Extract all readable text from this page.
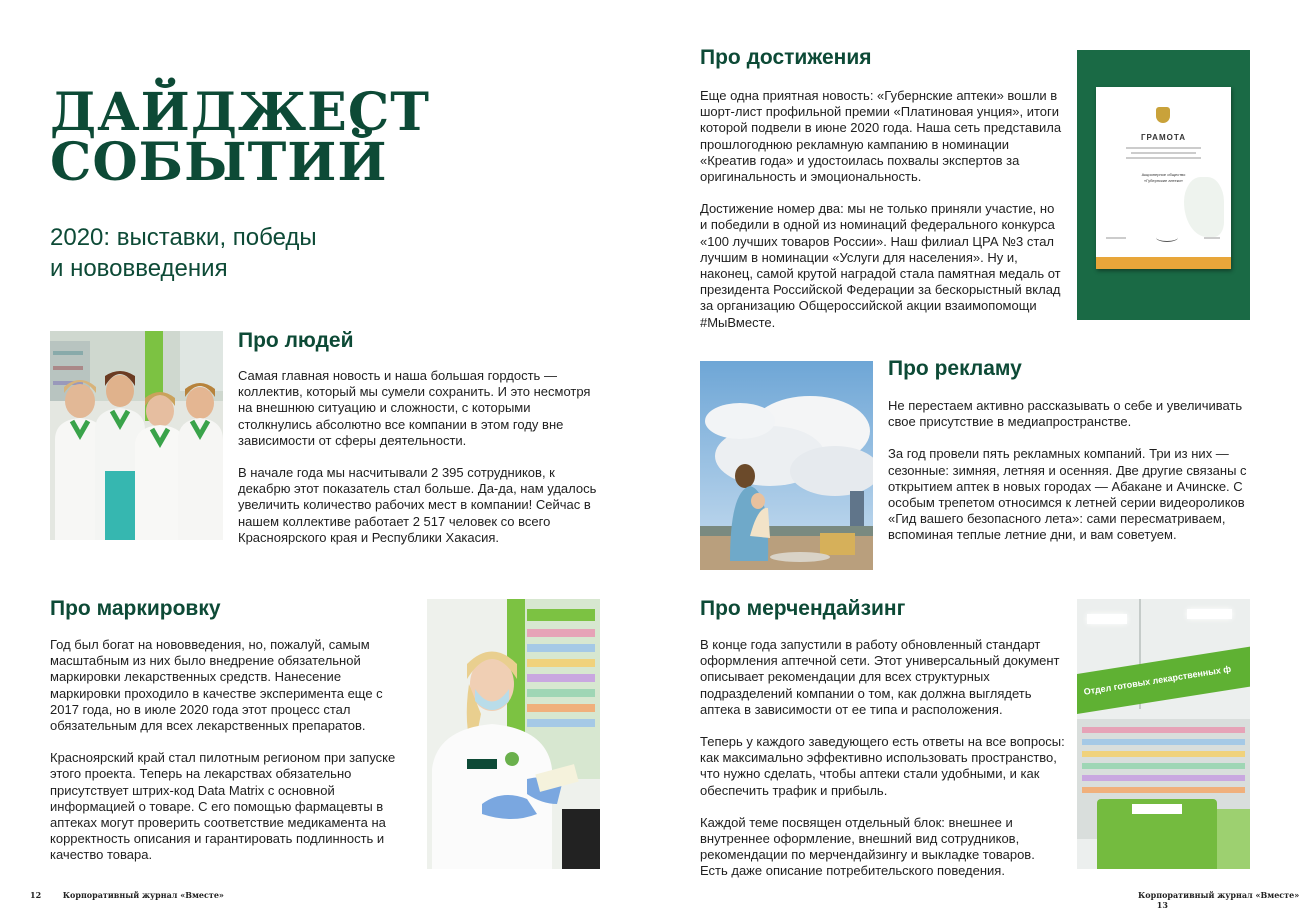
ДАЙДЖЕСТ
СОБЫТИЙ
2020: выставки, победы
и нововведения
Про людей

Самая главная новость и наша большая гордость — коллектив, который мы сумели сохранить. И это несмотря на внешнюю ситуацию и сложности, с которыми столкнулись абсолютно все компании в этом году вне зависимости от сферы деятельности.

В начале года мы насчитывали 2 395 сотрудников, к декабрю этот показатель стал больше. Да-да, нам удалось увеличить количество рабочих мест в компании! Сейчас в нашем коллективе работает 2 517 человек со всего Красноярского края и Республики Хакасия.

Про маркировку

Год был богат на нововведения, но, пожалуй, самым масштабным из них было внедрение обязательной маркировки лекарственных средств. Нанесение маркировки проходило в качестве эксперимента еще с 2017 года, но в июле 2020 года этот процесс стал обязательным для всех лекарственных препаратов.

Красноярский край стал пилотным регионом при запуске этого проекта. Теперь на лекарствах обязательно присутствует штрих-код Data Matrix с основной информацией о товаре. С его помощью фармацевты в аптеках могут проверить соответствие медикамента на корректность описания и гарантировать подлинность и качество товара.

12	Корпоративный журнал «Вместе»
Про достижения

Еще одна приятная новость: «Губернские аптеки» вошли в шорт-лист профильной премии «Платиновая унция», итоги которой подвели в июне 2020 года. Наша сеть представила прошлогоднюю рекламную кампанию в номинации «Креатив года» и удостоилась похвалы экспертов за оригинальность и эмоциональность.

Достижение номер два: мы не только приняли участие, но и победили в одной из номинаций федерального конкурса «100 лучших товаров России». Наш филиал ЦРА №3 стал лучшим в номинации «Услуги для населения». Ну и, наконец, самой крутой наградой стала памятная медаль от президента Российской Федерации за бескорыстный вклад за организацию Общероссийской акции взаимопомощи #МыВместе.

ГРАМОТА
Акционерное общество
«Губернские аптеки»
Про рекламу

Не перестаем активно рассказывать о себе и увеличивать свое присутствие в медиапространстве.

За год провели пять рекламных компаний. Три из них — сезонные: зимняя, летняя и осенняя. Две другие связаны с открытием аптек в новых городах — Абакане и Ачинске. С особым трепетом относимся к летней серии видеороликов «Гид вашего безопасного лета»: сами пересматриваем, вспоминая теплые летние дни, и вам советуем.

Про мерчендайзинг

В конце года запустили в работу обновленный стандарт оформления аптечной сети. Этот универсальный документ описывает рекомендации для всех структурных подразделений компании о том, как должна выглядеть аптека в зависимости от ее типа и расположения.

Теперь у каждого заведующего есть ответы на все вопросы: как максимально эффективно использовать пространство, что нужно сделать, чтобы аптеки стали удобными, и как обеспечить трафик и прибыль.

Каждой теме посвящен отдельный блок: внешнее и внутреннее оформление, внешний вид сотрудников, рекомендации по мерчендайзингу и выкладке товаров. Есть даже описание потребительского поведения.

Отдел готовых лекарственных ф
Корпоративный журнал «Вместе»  13
